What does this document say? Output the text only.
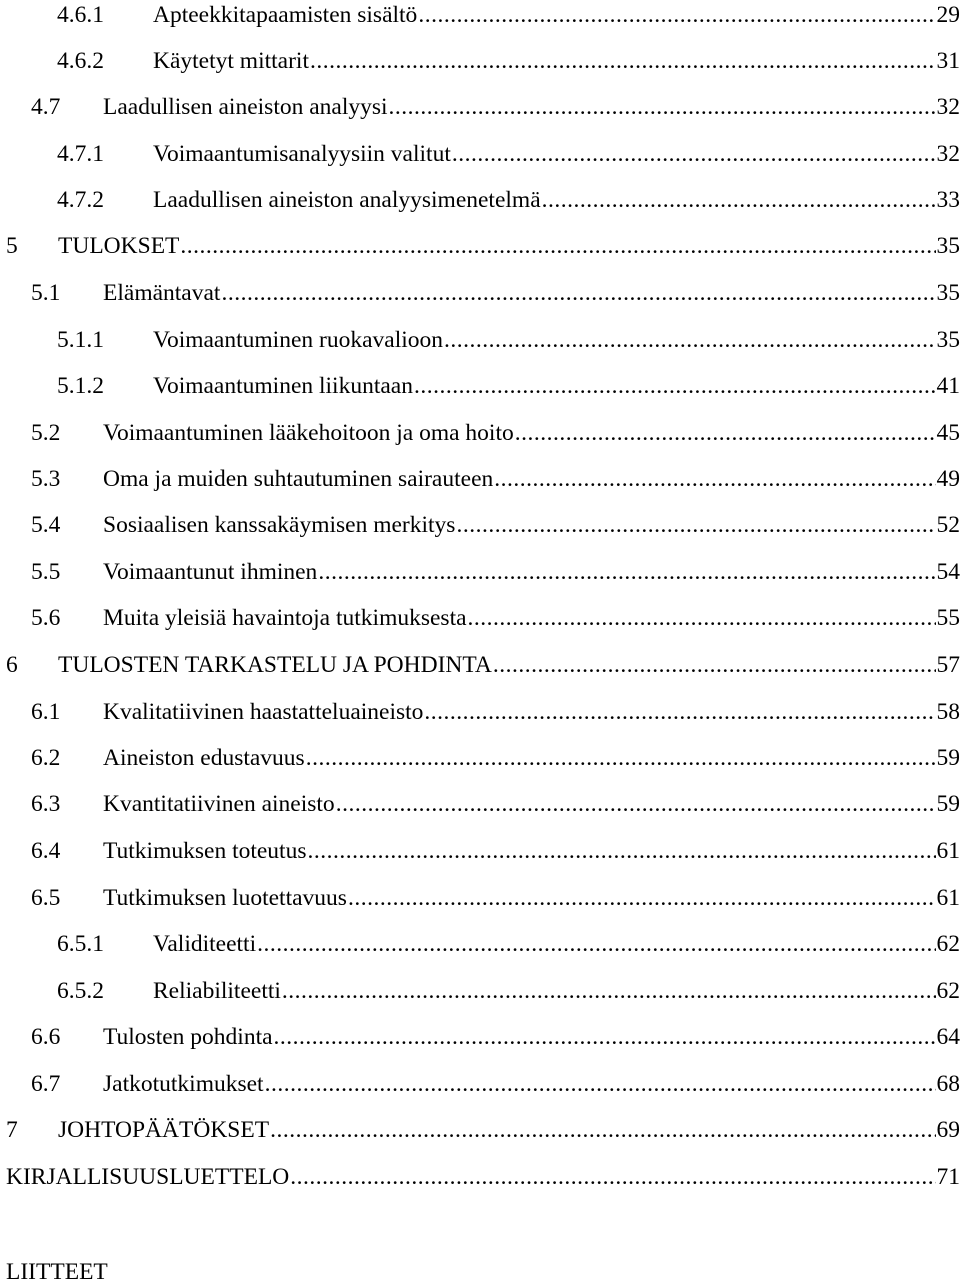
4.6.1	Apteekkitapaamisten sisältö .....	29
4.6.2	Käytetyt mittarit .....	31
4.7	Laadullisen aineiston analyysi .....	32
4.7.1	Voimaantumisanalyysiin valitut .....	32
4.7.2	Laadullisen aineiston analyysimenetelmä .....	33
5	TULOKSET .....	35
5.1	Elämäntavat .....	35
5.1.1	Voimaantuminen ruokavalioon .....	35
5.1.2	Voimaantuminen liikuntaan .....	41
5.2	Voimaantuminen lääkehoitoon ja oma hoito .....	45
5.3	Oma ja muiden suhtautuminen sairauteen .....	49
5.4	Sosiaalisen kanssakäymisen merkitys .....	52
5.5	Voimaantunut ihminen .....	54
5.6	Muita yleisiä havaintoja tutkimuksesta .....	55
6	TULOSTEN TARKASTELU JA POHDINTA .....	57
6.1	Kvalitatiivinen haastatteluaineisto .....	58
6.2	Aineiston edustavuus .....	59
6.3	Kvantitatiivinen aineisto .....	59
6.4	Tutkimuksen toteutus .....	61
6.5	Tutkimuksen luotettavuus .....	61
6.5.1	Validiteetti .....	62
6.5.2	Reliabiliteetti .....	62
6.6	Tulosten pohdinta .....	64
6.7	Jatkotutkimukset .....	68
7	JOHTOPÄÄTÖKSET .....	69
KIRJALLISUUSLUETTELO .....	71
LIITTEET
